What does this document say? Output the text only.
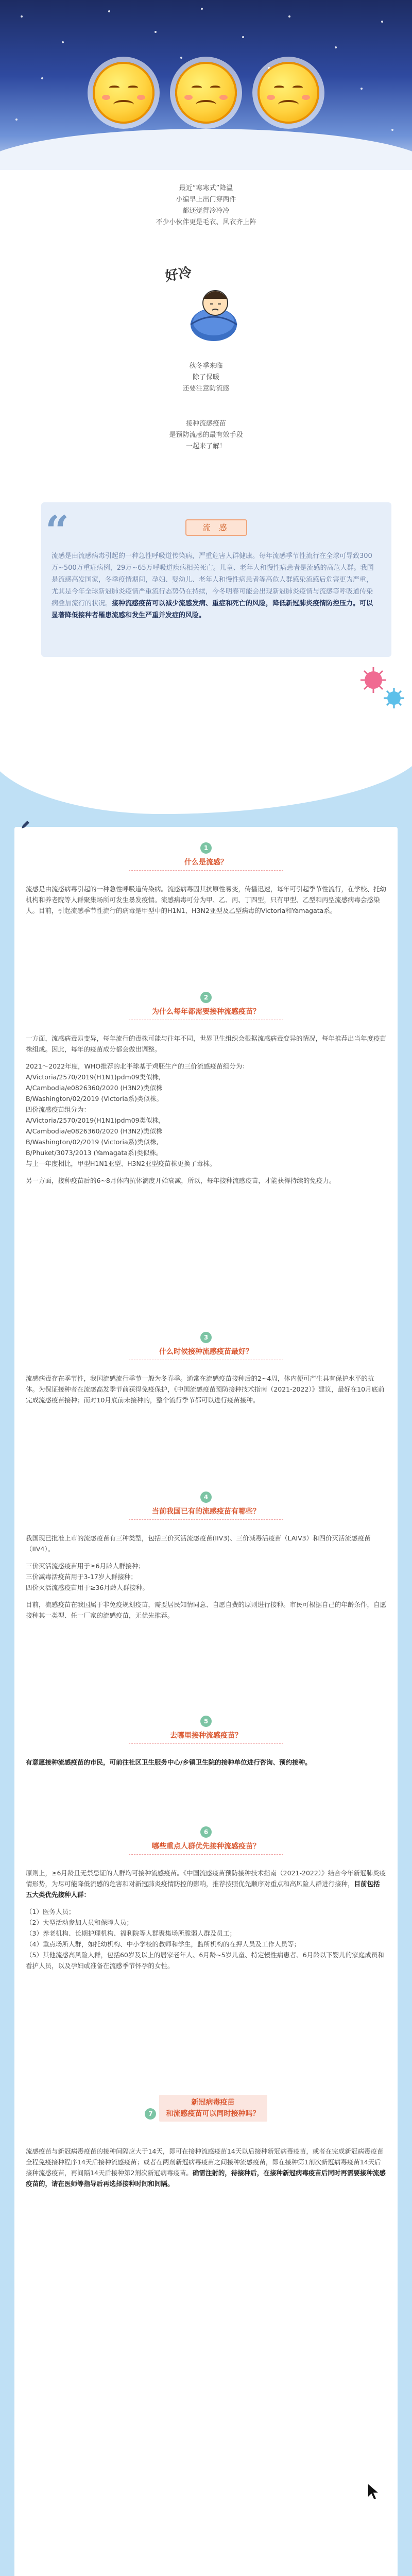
最近“寒寒式”降温
小编早上出门穿两件
都还觉得冷冷冷
不少小伙伴更是毛衣、风衣齐上阵
好冷
秋冬季来临
除了保暖
还要注意防流感
接种流感疫苗
是预防流感的最有效手段
一起来了解！
“	流 感
流感是由流感病毒引起的一种急性呼吸道传染病，严重危害人群健康。每年流感季节性流行在全球可导致300万~500万重症病例，29万~65万呼吸道疾病相关死亡。儿童、老年人和慢性病患者是流感的高危人群。我国是流感高发国家，冬季疫情期间，孕妇、婴幼儿、老年人和慢性病患者等高危人群感染流感后危害更为严重，尤其是今年全球新冠肺炎疫情严重流行态势仍在持续，今冬明春可能会出现新冠肺炎疫情与流感等呼吸道传染病叠加流行的状况。接种流感疫苗可以减少流感发病、重症和死亡的风险，降低新冠肺炎疫情防控压力。可以显著降低接种者罹患流感和发生严重并发症的风险。
1
什么是流感？

流感是由流感病毒引起的一种急性呼吸道传染病。流感病毒因其抗原性易变，传播迅速，每年可引起季节性流行，在学校、托幼机构和养老院等人群聚集场所可发生暴发疫情。流感病毒可分为甲、乙、丙、丁四型，只有甲型、乙型和丙型流感病毒会感染人。目前，引起流感季节性流行的病毒是甲型中的H1N1、H3N2亚型及乙型病毒的Victoria和Yamagata系。

2
为什么每年都需要接种流感疫苗？

一方面，流感病毒易变异，每年流行的毒株可能与往年不同，世界卫生组织会根据流感病毒变异的情况，每年推荐出当年度疫苗株组成。因此，每年的疫苗成分都会做出调整。

2021～2022年度，WHO推荐的北半球基于鸡胚生产的三价流感疫苗组分为：

A/Victoria/2570/2019(H1N1)pdm09类似株,

A/Cambodia/e0826360/2020 (H3N2)类似株

B/Washington/02/2019 (Victoria系)类似株。

四价流感疫苗组分为：

A/Victoria/2570/2019(H1N1)pdm09类似株,

A/Cambodia/e0826360/2020 (H3N2)类似株

B/Washington/02/2019 (Victoria系)类似株,

B/Phuket/3073/2013 (Yamagata系)类似株。

与上一年度相比，甲型H1N1亚型、H3N2亚型疫苗株更换了毒株。

另一方面，接种疫苗后的6~8月体内抗体滴度开始衰减，所以，每年接种流感疫苗，才能获得持续的免疫力。

3
什么时候接种流感疫苗最好？

流感病毒存在季节性，我国流感流行季节一般为冬春季。通常在流感疫苗接种后的2~4周，体内便可产生具有保护水平的抗体。为保证接种者在流感高发季节前获得免疫保护，《中国流感疫苗预防接种技术指南（2021-2022）》建议，最好在10月底前完成流感疫苗接种；而对10月底前未接种的，整个流行季节都可以进行疫苗接种。

4
当前我国已有的流感疫苗有哪些？

我国现已批准上市的流感疫苗有三种类型，包括三价灭活流感疫苗(IIV3)、三价减毒活疫苗（LAIV3）和四价灭活流感疫苗（IIV4）。

三价灭活流感疫苗用于≥6月龄人群接种；

三价减毒活疫苗用于3-17岁人群接种；

四价灭活流感疫苗用于≥36月龄人群接种。

目前，流感疫苗在我国属于非免疫规划疫苗，需要居民知情同意、自愿自费的原则进行接种。市民可根据自己的年龄条件，自愿接种其一类型、任一厂家的流感疫苗，无优先推荐。

5
去哪里接种流感疫苗？

有意愿接种流感疫苗的市民，可前往社区卫生服务中心/乡镇卫生院的接种单位进行咨询、预约接种。

6
哪些重点人群优先接种流感疫苗？

原则上，≥6月龄且无禁忌证的人群均可接种流感疫苗。《中国流感疫苗预防接种技术指南（2021-2022）》结合今年新冠肺炎疫情形势，为尽可能降低流感的危害和对新冠肺炎疫情防控的影响，推荐按照优先顺序对重点和高风险人群进行接种，目前包括五大类优先接种人群：

（1）医务人员；

（2）大型活动参加人员和保障人员；

（3）养老机构、长期护理机构、福利院等人群聚集场所脆弱人群及员工；

（4）重点场所人群，如托幼机构、中小学校的教师和学生，监所机构的在押人员及工作人员等；

（5）其他流感高风险人群，包括60岁及以上的居家老年人、6月龄~5岁儿童、特定慢性病患者、6月龄以下婴儿的家庭成员和看护人员，以及孕妇或准备在流感季节怀孕的女性。

7
新冠病毒疫苗
和流感疫苗可以同时接种吗？

流感疫苗与新冠病毒疫苗的接种间隔应大于14天，即可在接种流感疫苗14天以后接种新冠病毒疫苗，或者在完成新冠病毒疫苗全程免疫接种程序14天后接种流感疫苗；或者在两剂新冠病毒疫苗之间接种流感疫苗，即在接种第1剂次新冠病毒疫苗14天后接种流感疫苗，再间隔14天后接种第2剂次新冠病毒疫苗。确需注射的，待接种后，在接种新冠病毒疫苗后同时再需要接种流感疫苗的，请在医师等指导后再选择接种时间和间隔。
